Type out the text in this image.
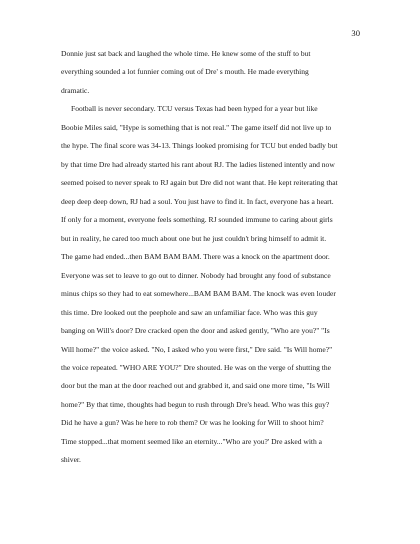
30
Donnie just sat back and laughed the whole time. He knew some of the stuff to but
everything sounded a lot funnier coming out of Dre' s mouth. He made everything
dramatic.
Football is never secondary. TCU versus Texas had been hyped for a year but like
Boobie Miles said, "Hype is something that is not real." The game itself did not live up to
the hype. The final score was 34-13. Things looked promising for TCU but ended badly but
by that time Dre had already started his rant about RJ. The ladies listened intently and now
seemed poised to never speak to RJ again but Dre did not want that. He kept reiterating that
deep deep deep down, RJ had a soul. You just have to find it. In fact, everyone has a heart.
If only for a moment, everyone feels something. RJ sounded immune to caring about girls
but in reality, he cared too much about one but he just couldn't bring himself to admit it.
The game had ended...then BAM BAM BAM. There was a knock on the apartment door.
Everyone was set to leave to go out to dinner. Nobody had brought any food of substance
minus chips so they had to eat somewhere...BAM BAM BAM. The knock was even louder
this time. Dre looked out the peephole and saw an unfamiliar face. Who was this guy
banging on Will's door? Dre cracked open the door and asked gently, "Who are you?" "Is
Will home?" the voice asked. "No, I asked who you were first," Dre said. "Is Will home?"
the voice repeated. "WHO ARE YOU?" Dre shouted. He was on the verge of shutting the
door but the man at the door reached out and grabbed it, and said one more time, "Is Will
home?" By that time, thoughts had begun to rush through Dre's head. Who was this guy?
Did he have a gun? Was he here to rob them? Or was he looking for Will to shoot him?
Time stopped...that moment seemed like an eternity..."Who are you?' Dre asked with a
shiver.
